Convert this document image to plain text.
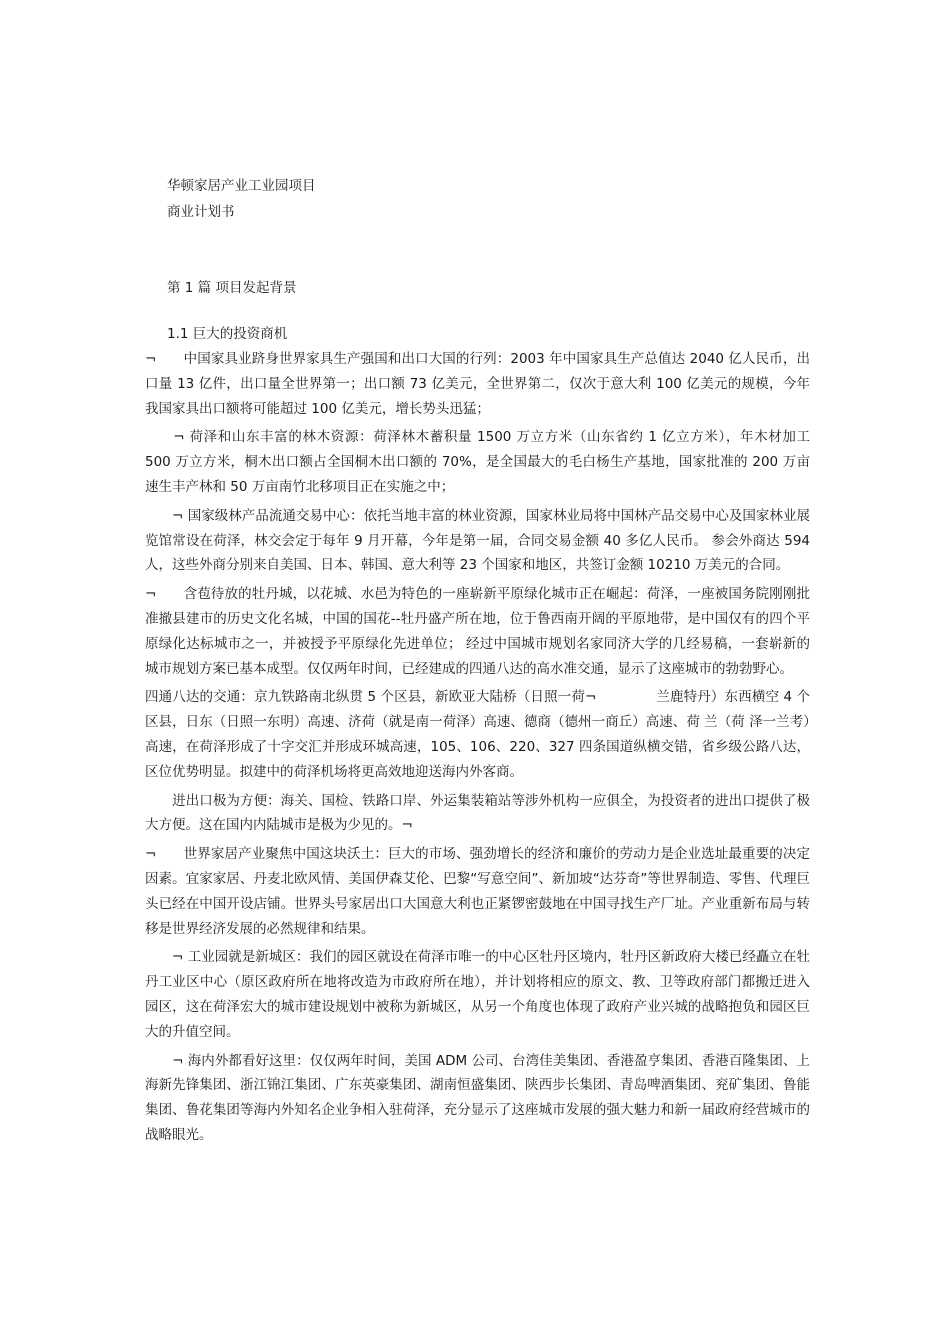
华顿家居产业工业园项目
商业计划书
第 1 篇 项目发起背景
1.1 巨大的投资商机

¬　　中国家具业跻身世界家具生产强国和出口大国的行列：2003 年中国家具生产总值达 2040 亿人民币，出口量 13 亿件，出口量全世界第一；出口额 73 亿美元，全世界第二，仅次于意大利 100 亿美元的规模，今年我国家具出口额将可能超过 100 亿美元，增长势头迅猛；

　　¬ 荷泽和山东丰富的林木资源：荷泽林木蓄积量 1500 万立方米（山东省约 1 亿立方米），年木材加工 500 万立方米，桐木出口额占全国桐木出口额的 70%，是全国最大的毛白杨生产基地，国家批准的 200 万亩速生丰产林和 50 万亩南竹北移项目正在实施之中；

　　¬ 国家级林产品流通交易中心：依托当地丰富的林业资源，国家林业局将中国林产品交易中心及国家林业展览馆常设在荷泽，林交会定于每年 9 月开幕，今年是第一届，合同交易金额 40 多亿人民币。 参会外商达 594 人，这些外商分别来自美国、日本、韩国、意大利等 23 个国家和地区，共签订金额 10210 万美元的合同。

¬　　含苞待放的牡丹城，以花城、水邑为特色的一座崭新平原绿化城市正在崛起：荷泽，一座被国务院刚刚批准撤县建市的历史文化名城，中国的国花--牡丹盛产所在地，位于鲁西南开阔的平原地带，是中国仅有的四个平原绿化达标城市之一，并被授予平原绿化先进单位； 经过中国城市规划名家同济大学的几经易稿，一套崭新的城市规划方案已基本成型。仅仅两年时间，已经建成的四通八达的高水准交通，显示了这座城市的勃勃野心。

四通八达的交通：京九铁路南北纵贯 5 个区县，新欧亚大陆桥（日照一荷¬	兰鹿特丹）东西横空 4 个区县，日东（日照一东明）高速、济荷（就是南一荷泽）高速、德商（德州一商丘）高速、荷 兰（荷 泽一兰考）高速，在荷泽形成了十字交汇并形成环城高速，105、106、220、327 四条国道纵横交错，省乡级公路八达，区位优势明显。拟建中的荷泽机场将更高效地迎送海内外客商。

　　进出口极为方便：海关、国检、铁路口岸、外运集装箱站等涉外机构一应俱全，为投资者的进出口提供了极大方便。这在国内内陆城市是极为少见的。¬

¬　　世界家居产业聚焦中国这块沃土：巨大的市场、强劲增长的经济和廉价的劳动力是企业选址最重要的决定因素。宜家家居、丹麦北欧风情、美国伊森艾伦、巴黎“写意空间”、新加坡“达芬奇”等世界制造、零售、代理巨头已经在中国开设店铺。世界头号家居出口大国意大利也正紧锣密鼓地在中国寻找生产厂址。产业重新布局与转移是世界经济发展的必然规律和结果。

　　¬ 工业园就是新城区：我们的园区就设在荷泽市唯一的中心区牡丹区境内，牡丹区新政府大楼已经矗立在牡丹工业区中心（原区政府所在地将改造为市政府所在地），并计划将相应的原文、教、卫等政府部门都搬迁进入园区，这在荷泽宏大的城市建设规划中被称为新城区，从另一个角度也体现了政府产业兴城的战略抱负和园区巨大的升值空间。

　　¬ 海内外都看好这里：仅仅两年时间，美国 ADM 公司、台湾佳美集团、香港盈亨集团、香港百隆集团、上海新先锋集团、浙江锦江集团、广东英豪集团、湖南恒盛集团、陕西步长集团、青岛啤酒集团、兖矿集团、鲁能集团、鲁花集团等海内外知名企业争相入驻荷泽，充分显示了这座城市发展的强大魅力和新一届政府经营城市的战略眼光。
